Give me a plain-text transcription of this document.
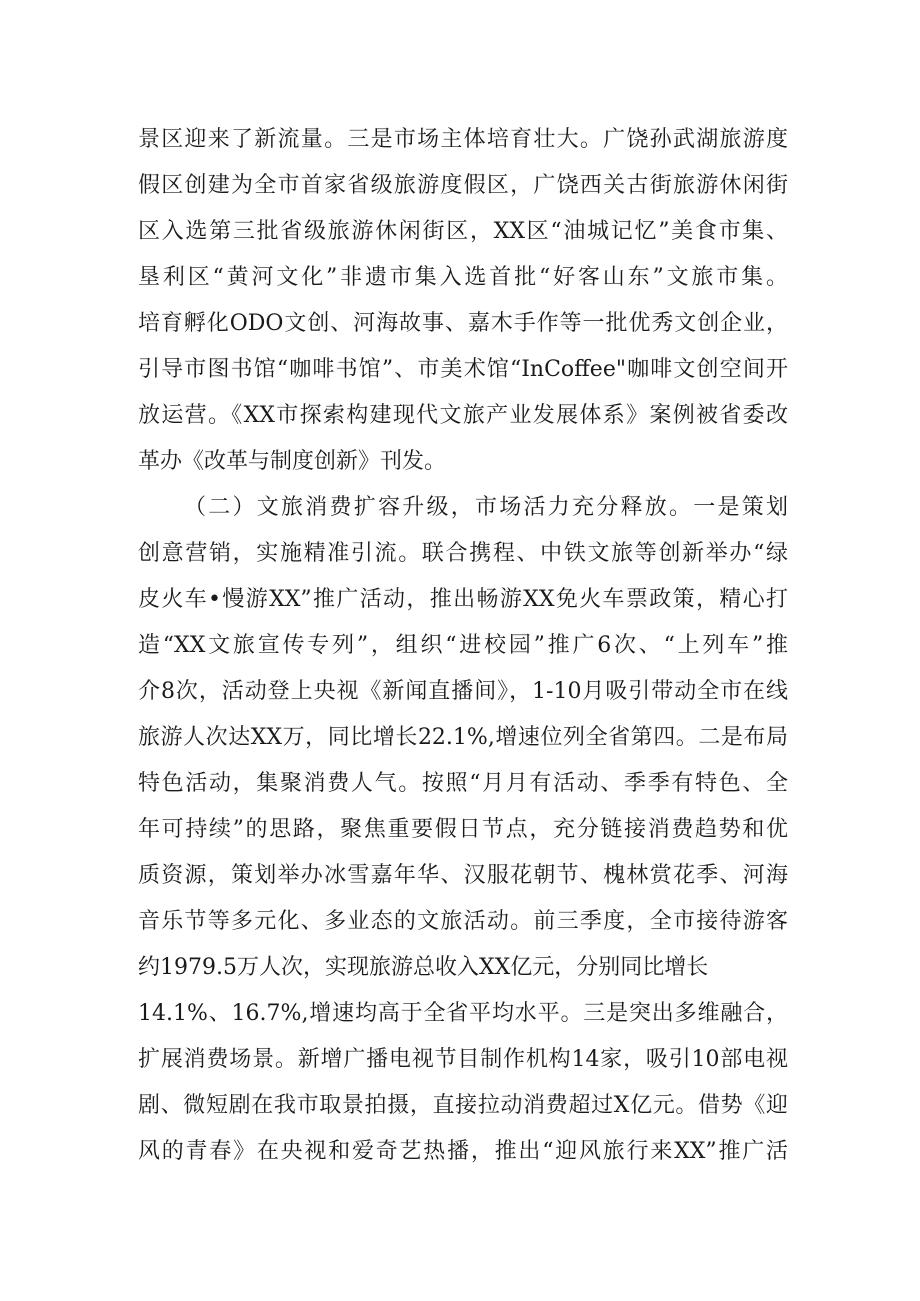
景区迎来了新流量。三是市场主体培育壮大。广饶孙武湖旅游度
假区创建为全市首家省级旅游度假区，广饶西关古街旅游休闲街
区入选第三批省级旅游休闲街区，XX区“油城记忆”美食市集、
垦利区“黄河文化”非遗市集入选首批“好客山东”文旅市集。
培育孵化ODO文创、河海故事、嘉木手作等一批优秀文创企业，
引导市图书馆“咖啡书馆”、市美术馆“InCoffee"咖啡文创空间开
放运营。《XX市探索构建现代文旅产业发展体系》案例被省委改
革办《改革与制度创新》刊发。
（二）文旅消费扩容升级，市场活力充分释放。一是策划
创意营销，实施精准引流。联合携程、中铁文旅等创新举办“绿
皮火车•慢游XX”推广活动，推出畅游XX免火车票政策，精心打
造“XX文旅宣传专列”，组织“进校园”推广6次、“上列车”推
介8次，活动登上央视《新闻直播间》，1-10月吸引带动全市在线
旅游人次达XX万，同比增长22.1%,增速位列全省第四。二是布局
特色活动，集聚消费人气。按照“月月有活动、季季有特色、全
年可持续”的思路，聚焦重要假日节点，充分链接消费趋势和优
质资源，策划举办冰雪嘉年华、汉服花朝节、槐林赏花季、河海
音乐节等多元化、多业态的文旅活动。前三季度，全市接待游客
约1979.5万人次，实现旅游总收入XX亿元，分别同比增长
14.1%、16.7%,增速均高于全省平均水平。三是突出多维融合，
扩展消费场景。新增广播电视节目制作机构14家，吸引10部电视
剧、微短剧在我市取景拍摄，直接拉动消费超过X亿元。借势《迎
风的青春》在央视和爱奇艺热播，推出“迎风旅行来XX”推广活
